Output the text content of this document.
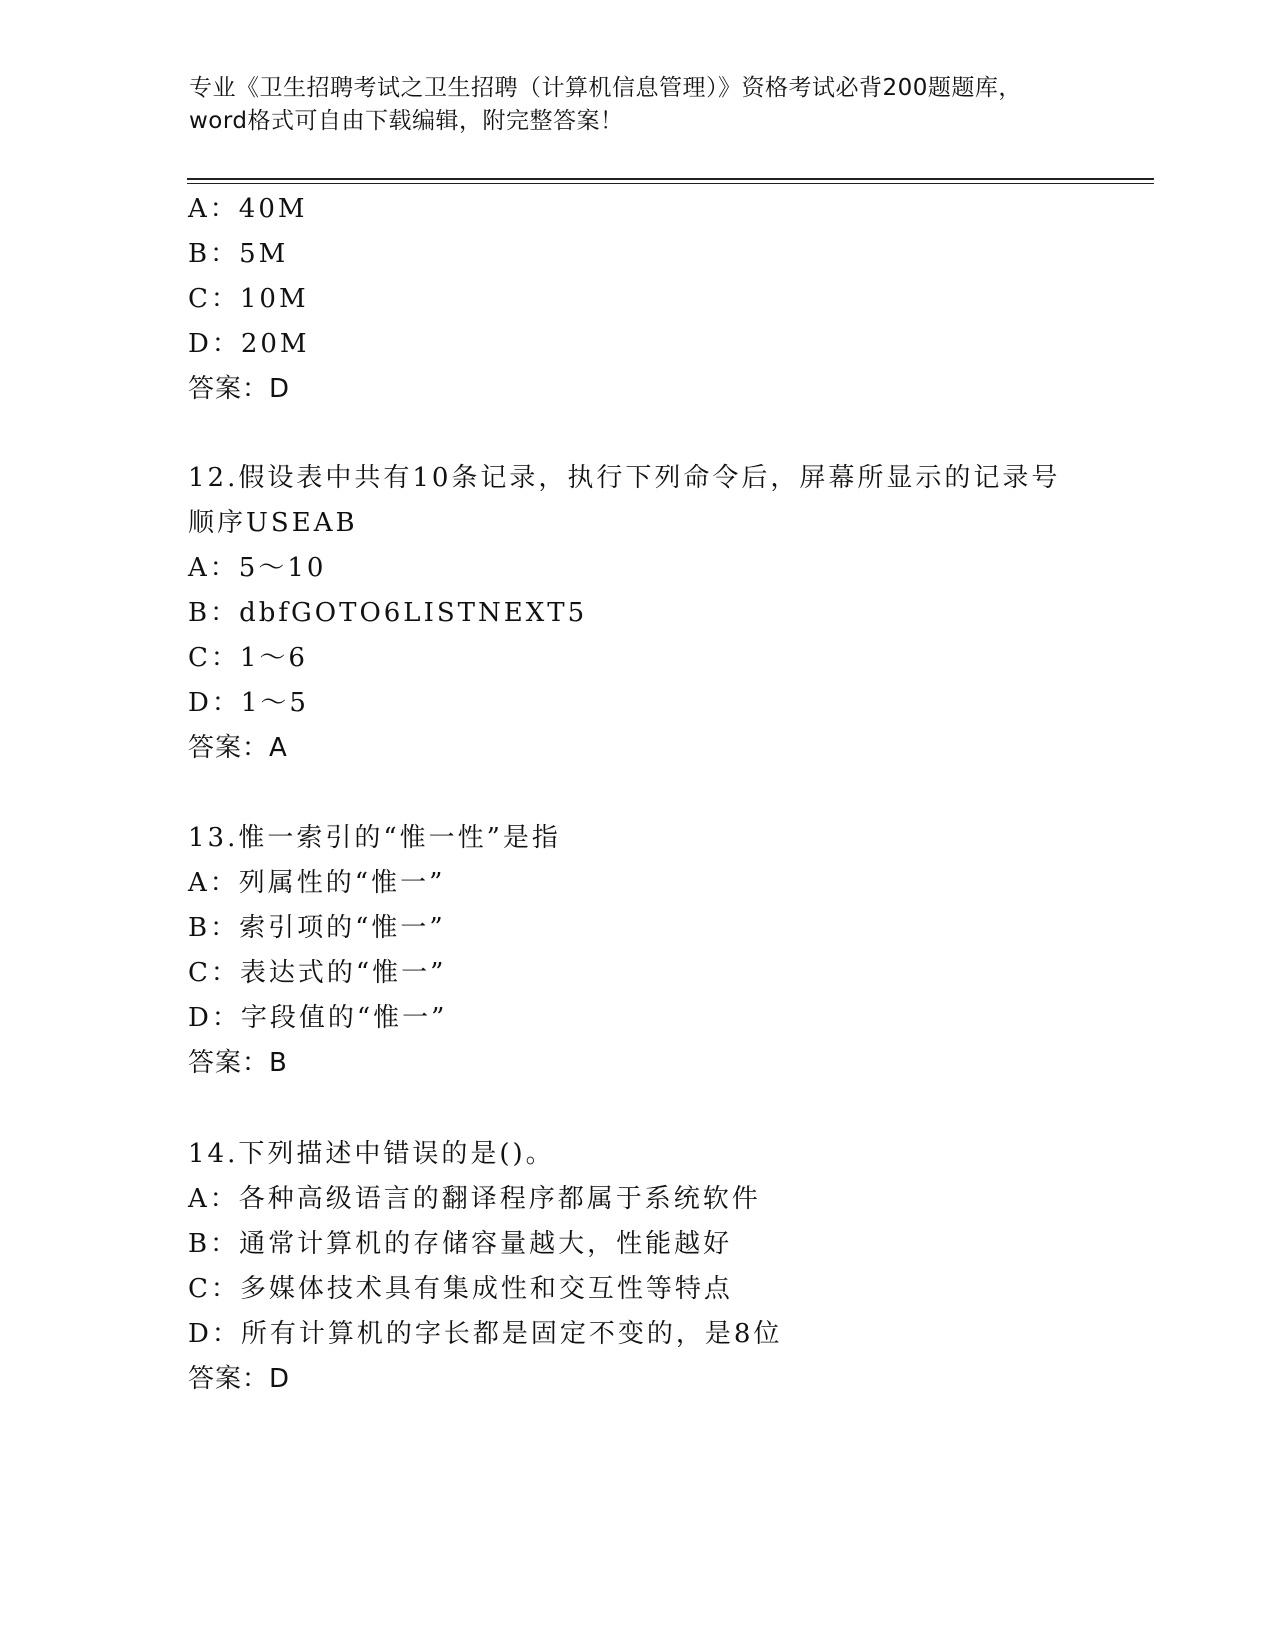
专业《卫生招聘考试之卫生招聘（计算机信息管理）》资格考试必背200题题库，
word格式可自由下载编辑，附完整答案！
A：40M
B：5M
C：10M
D：20M
答案：D
12.假设表中共有10条记录，执行下列命令后，屏幕所显示的记录号
顺序USEAB
A：5～10
B：dbfGOTO6LISTNEXT5
C：1～6
D：1～5
答案：A
13.惟一索引的“惟一性”是指
A：列属性的“惟一”
B：索引项的“惟一”
C：表达式的“惟一”
D：字段值的“惟一”
答案：B
14.下列描述中错误的是()。
A：各种高级语言的翻译程序都属于系统软件
B：通常计算机的存储容量越大，性能越好
C：多媒体技术具有集成性和交互性等特点
D：所有计算机的字长都是固定不变的，是8位
答案：D
